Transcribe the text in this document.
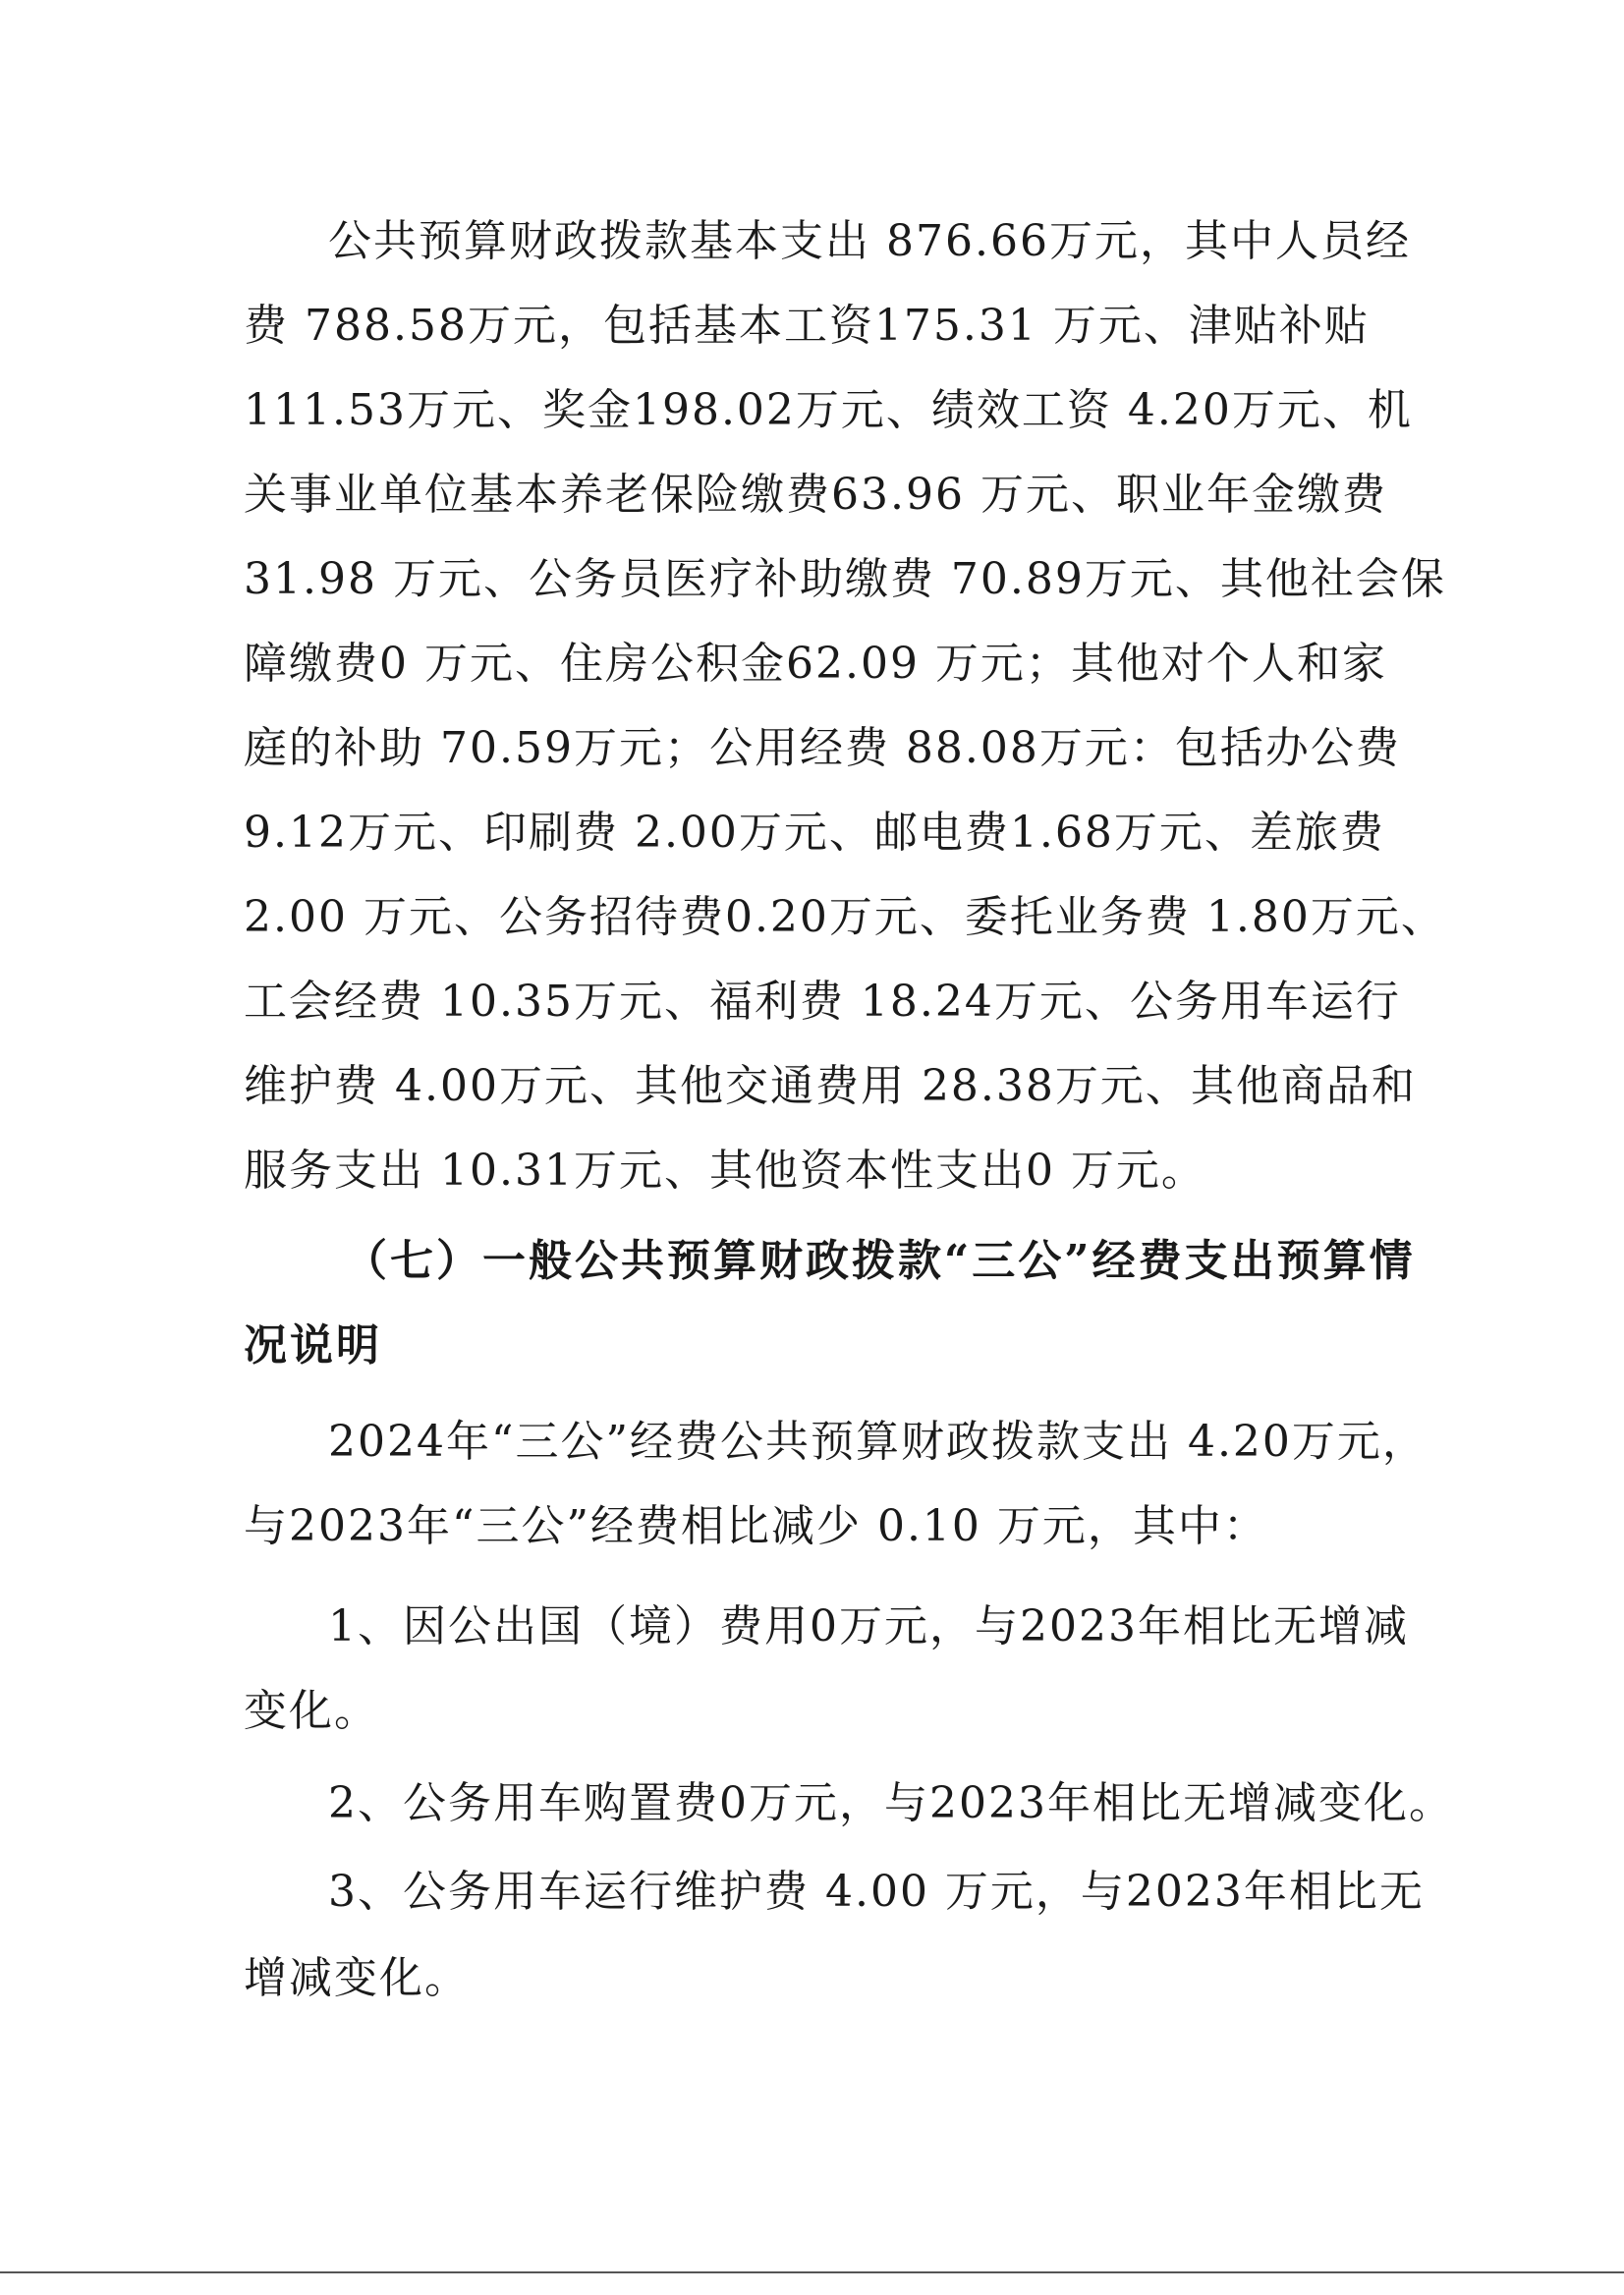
公共预算财政拨款基本支出 876.66万元，其中人员经
费 788.58万元，包括基本工资175.31 万元、津贴补贴
111.53万元、奖金198.02万元、绩效工资 4.20万元、机
关事业单位基本养老保险缴费63.96 万元、职业年金缴费
31.98 万元、公务员医疗补助缴费 70.89万元、其他社会保
障缴费0 万元、住房公积金62.09 万元；其他对个人和家
庭的补助 70.59万元；公用经费 88.08万元：包括办公费
9.12万元、印刷费 2.00万元、邮电费1.68万元、差旅费
2.00 万元、公务招待费0.20万元、委托业务费 1.80万元、
工会经费 10.35万元、福利费 18.24万元、公务用车运行
维护费 4.00万元、其他交通费用 28.38万元、其他商品和
服务支出 10.31万元、其他资本性支出0 万元。
（七）一般公共预算财政拨款“三公”经费支出预算情
况说明
2024年“三公”经费公共预算财政拨款支出 4.20万元，
与2023年“三公”经费相比减少 0.10 万元，其中：
1、因公出国（境）费用0万元，与2023年相比无增减
变化。
2、公务用车购置费0万元，与2023年相比无增减变化。
3、公务用车运行维护费 4.00 万元，与2023年相比无
增减变化。
